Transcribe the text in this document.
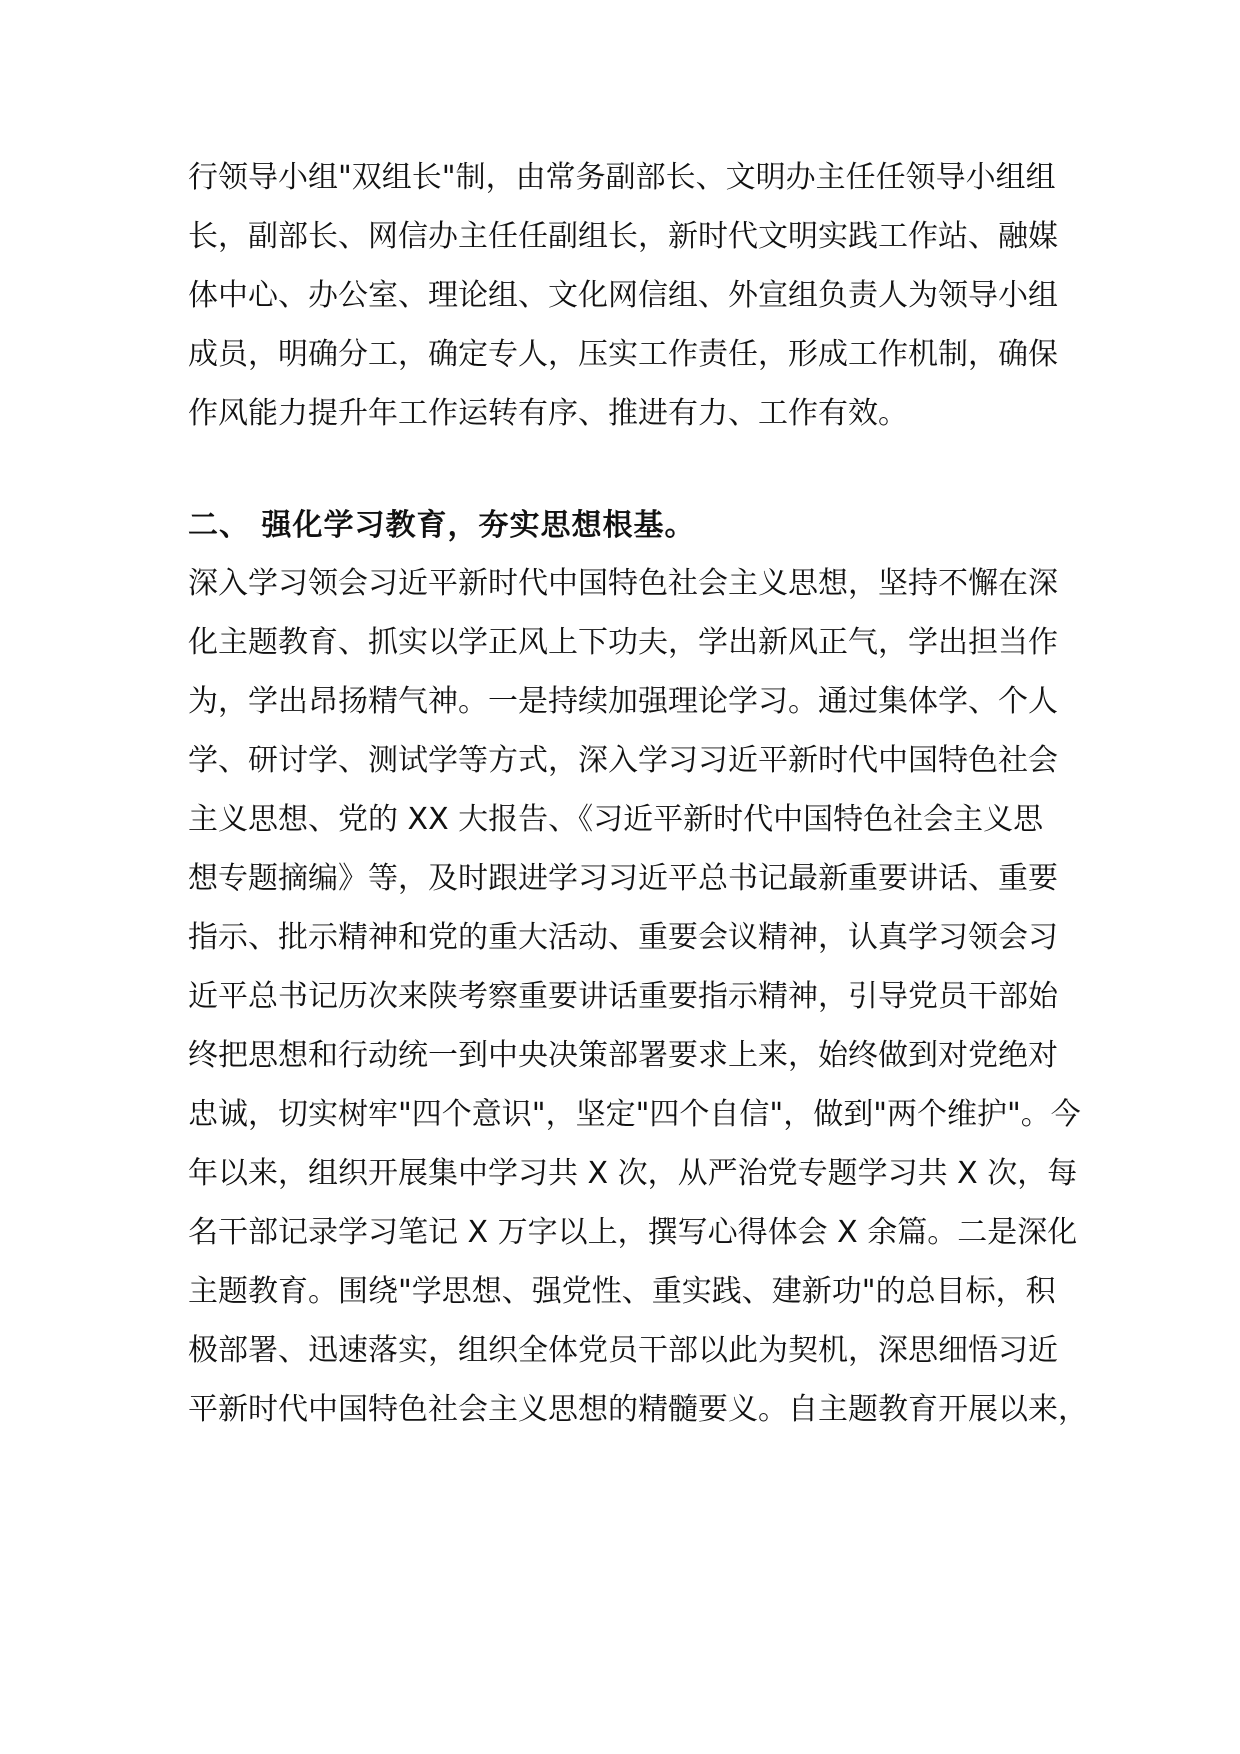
行领导小组"双组长"制，由常务副部长、文明办主任任领导小组组
长，副部长、网信办主任任副组长，新时代文明实践工作站、融媒
体中心、办公室、理论组、文化网信组、外宣组负责人为领导小组
成员，明确分工，确定专人，压实工作责任，形成工作机制，确保
作风能力提升年工作运转有序、推进有力、工作有效。
二、 强化学习教育，夯实思想根基。
深入学习领会习近平新时代中国特色社会主义思想，坚持不懈在深
化主题教育、抓实以学正风上下功夫，学出新风正气，学出担当作
为，学出昂扬精气神。一是持续加强理论学习。通过集体学、个人
学、研讨学、测试学等方式，深入学习习近平新时代中国特色社会
主义思想、党的 XX 大报告、《习近平新时代中国特色社会主义思
想专题摘编》等，及时跟进学习习近平总书记最新重要讲话、重要
指示、批示精神和党的重大活动、重要会议精神，认真学习领会习
近平总书记历次来陕考察重要讲话重要指示精神，引导党员干部始
终把思想和行动统一到中央决策部署要求上来，始终做到对党绝对
忠诚，切实树牢"四个意识"，坚定"四个自信"，做到"两个维护"。今
年以来，组织开展集中学习共 X 次，从严治党专题学习共 X 次，每
名干部记录学习笔记 X 万字以上，撰写心得体会 X 余篇。二是深化
主题教育。围绕"学思想、强党性、重实践、建新功"的总目标，积
极部署、迅速落实，组织全体党员干部以此为契机，深思细悟习近
平新时代中国特色社会主义思想的精髓要义。自主题教育开展以来，
